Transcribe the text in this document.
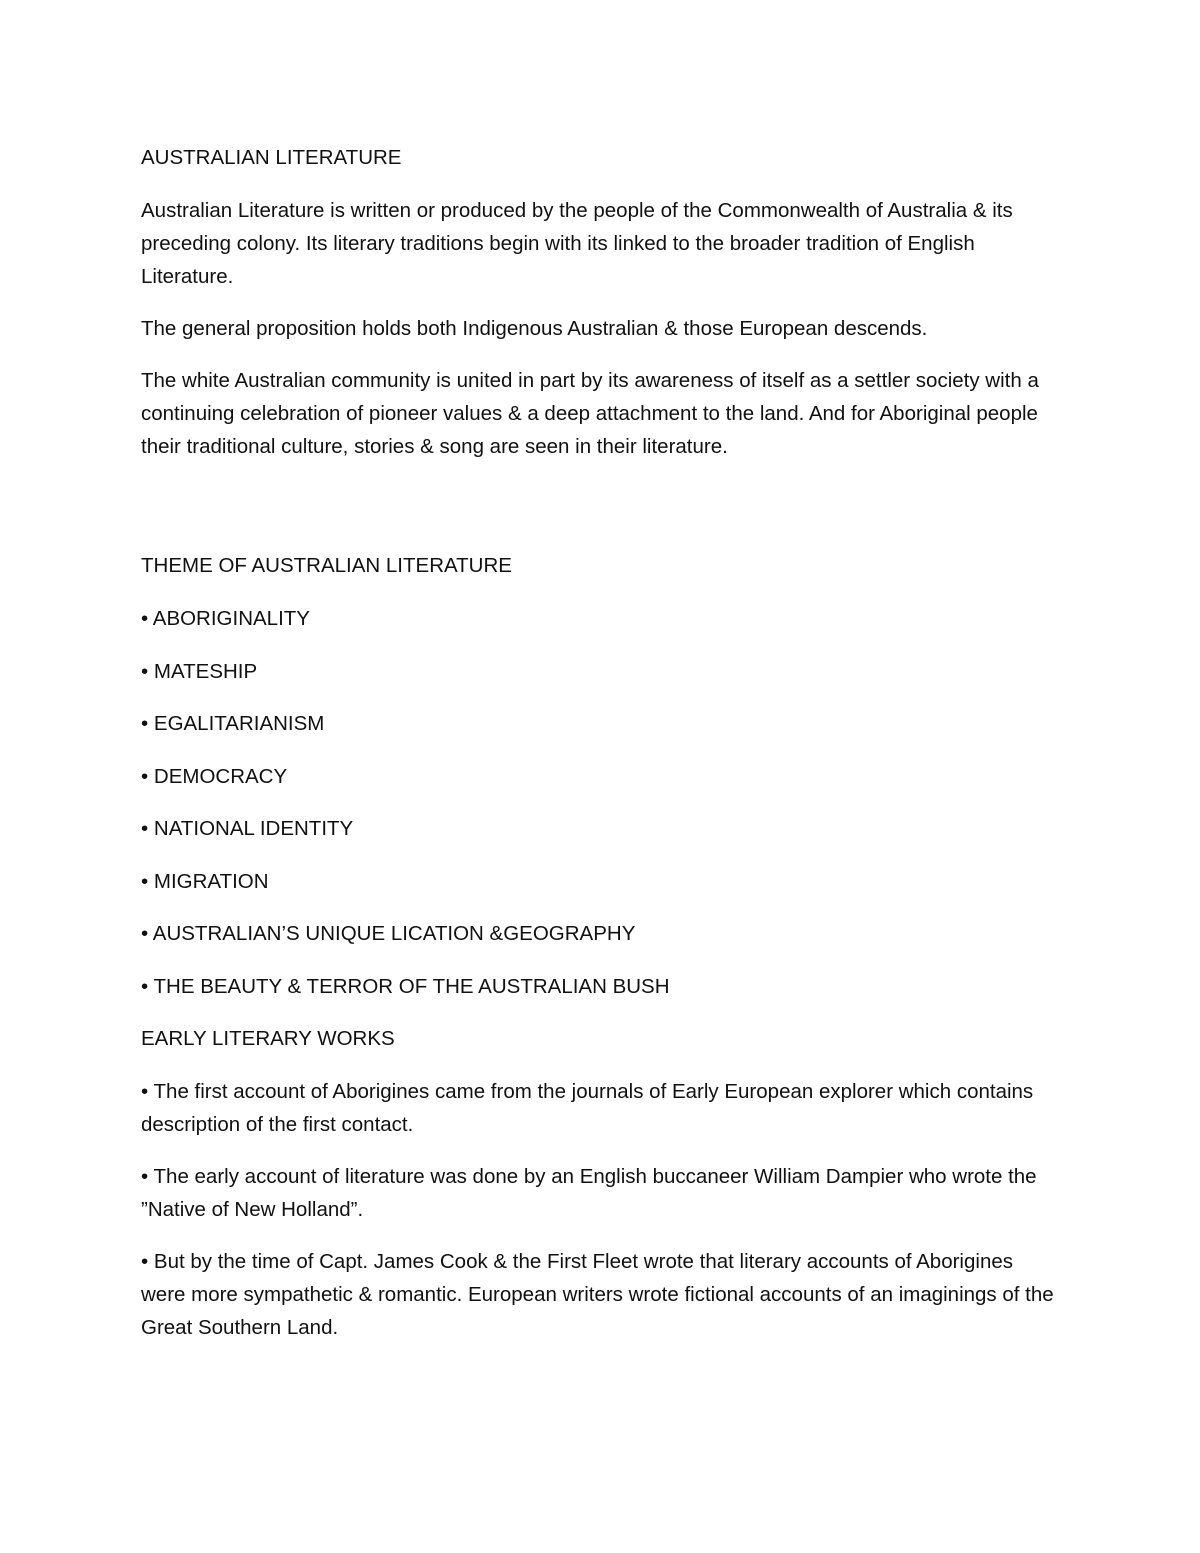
AUSTRALIAN LITERATURE

Australian Literature is written or produced by the people of the Commonwealth of Australia & its preceding colony. Its literary traditions begin with its linked to the broader tradition of English Literature.

The general proposition holds both Indigenous Australian & those European descends.

The white Australian community is united in part by its awareness of itself as a settler society with a continuing celebration of pioneer values & a deep attachment to the land. And for Aboriginal people their traditional culture, stories & song are seen in their literature.

THEME OF AUSTRALIAN LITERATURE
• ABORIGINALITY
• MATESHIP
• EGALITARIANISM
• DEMOCRACY
• NATIONAL IDENTITY
• MIGRATION
• AUSTRALIAN’S UNIQUE LICATION &GEOGRAPHY
• THE BEAUTY & TERROR OF THE AUSTRALIAN BUSH
EARLY LITERARY WORKS
• The first account of Aborigines came from the journals of Early European explorer which contains description of the first contact.
• The early account of literature was done by an English buccaneer William Dampier who wrote the ”Native of New Holland”.
• But by the time of Capt. James Cook & the First Fleet wrote that literary accounts of Aborigines were more sympathetic & romantic. European writers wrote fictional accounts of an imaginings of the Great Southern Land.
